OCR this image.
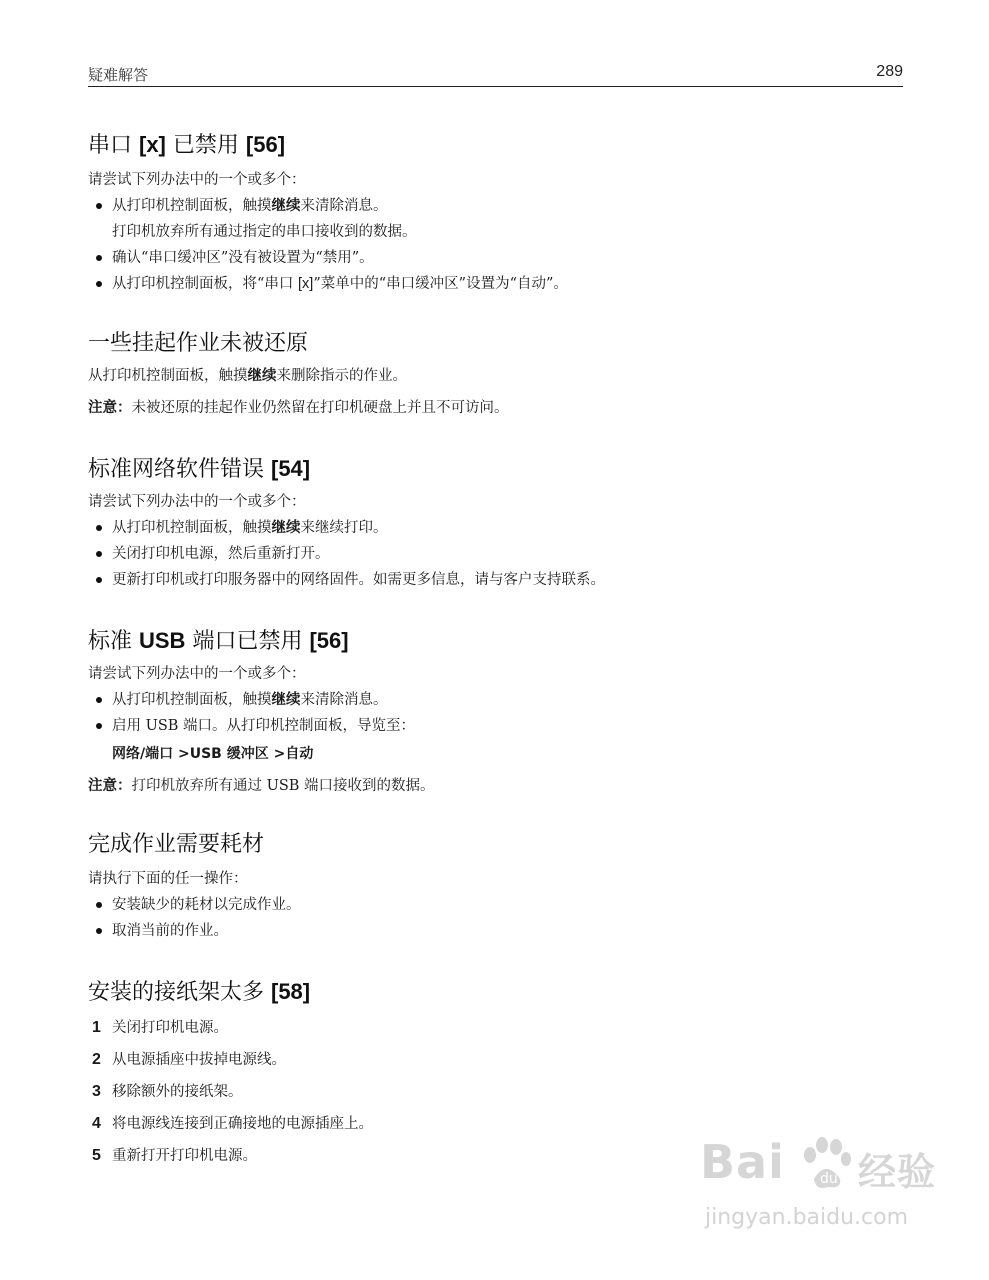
疑难解答	289
串口 [x] 已禁用 [56]
请尝试下列办法中的一个或多个：
从打印机控制面板，触摸继续来清除消息。
打印机放弃所有通过指定的串口接收到的数据。
确认“串口缓冲区”没有被设置为“禁用”。
从打印机控制面板，将“串口 [x]”菜单中的“串口缓冲区”设置为“自动”。
一些挂起作业未被还原
从打印机控制面板，触摸继续来删除指示的作业。
注意：未被还原的挂起作业仍然留在打印机硬盘上并且不可访问。
标准网络软件错误 [54]
请尝试下列办法中的一个或多个：
从打印机控制面板，触摸继续来继续打印。
关闭打印机电源，然后重新打开。
更新打印机或打印服务器中的网络固件。如需更多信息，请与客户支持联系。
标准 USB 端口已禁用 [56]
请尝试下列办法中的一个或多个：
从打印机控制面板，触摸继续来清除消息。
启用 USB 端口。从打印机控制面板，导览至：
网络/端口 >USB 缓冲区 >自动
注意：打印机放弃所有通过 USB 端口接收到的数据。
完成作业需要耗材
请执行下面的任一操作：
安装缺少的耗材以完成作业。
取消当前的作业。
安装的接纸架太多 [58]
1 关闭打印机电源。
2 从电源插座中拔掉电源线。
3 移除额外的接纸架。
4 将电源线连接到正确接地的电源插座上。
5 重新打开打印机电源。	Bai	du 经验
jingyan.baidu.com
